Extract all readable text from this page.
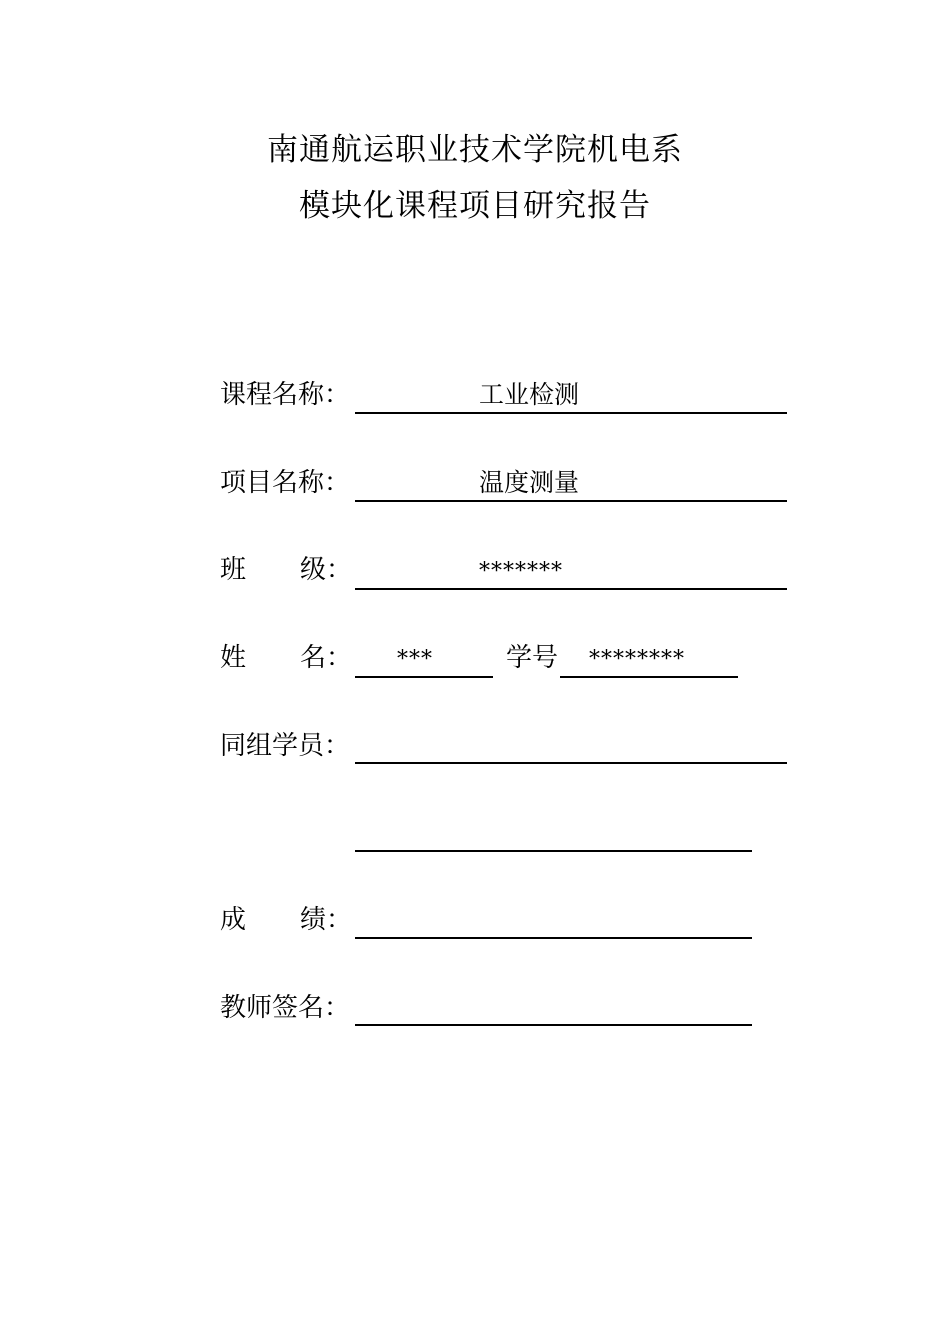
南通航运职业技术学院机电系
模块化课程项目研究报告
课程名称：	工业检测
项目名称：	温度测量
班 级：	*******
姓 名： ***	学号 ********
同组学员：
成 绩：
教师签名：
